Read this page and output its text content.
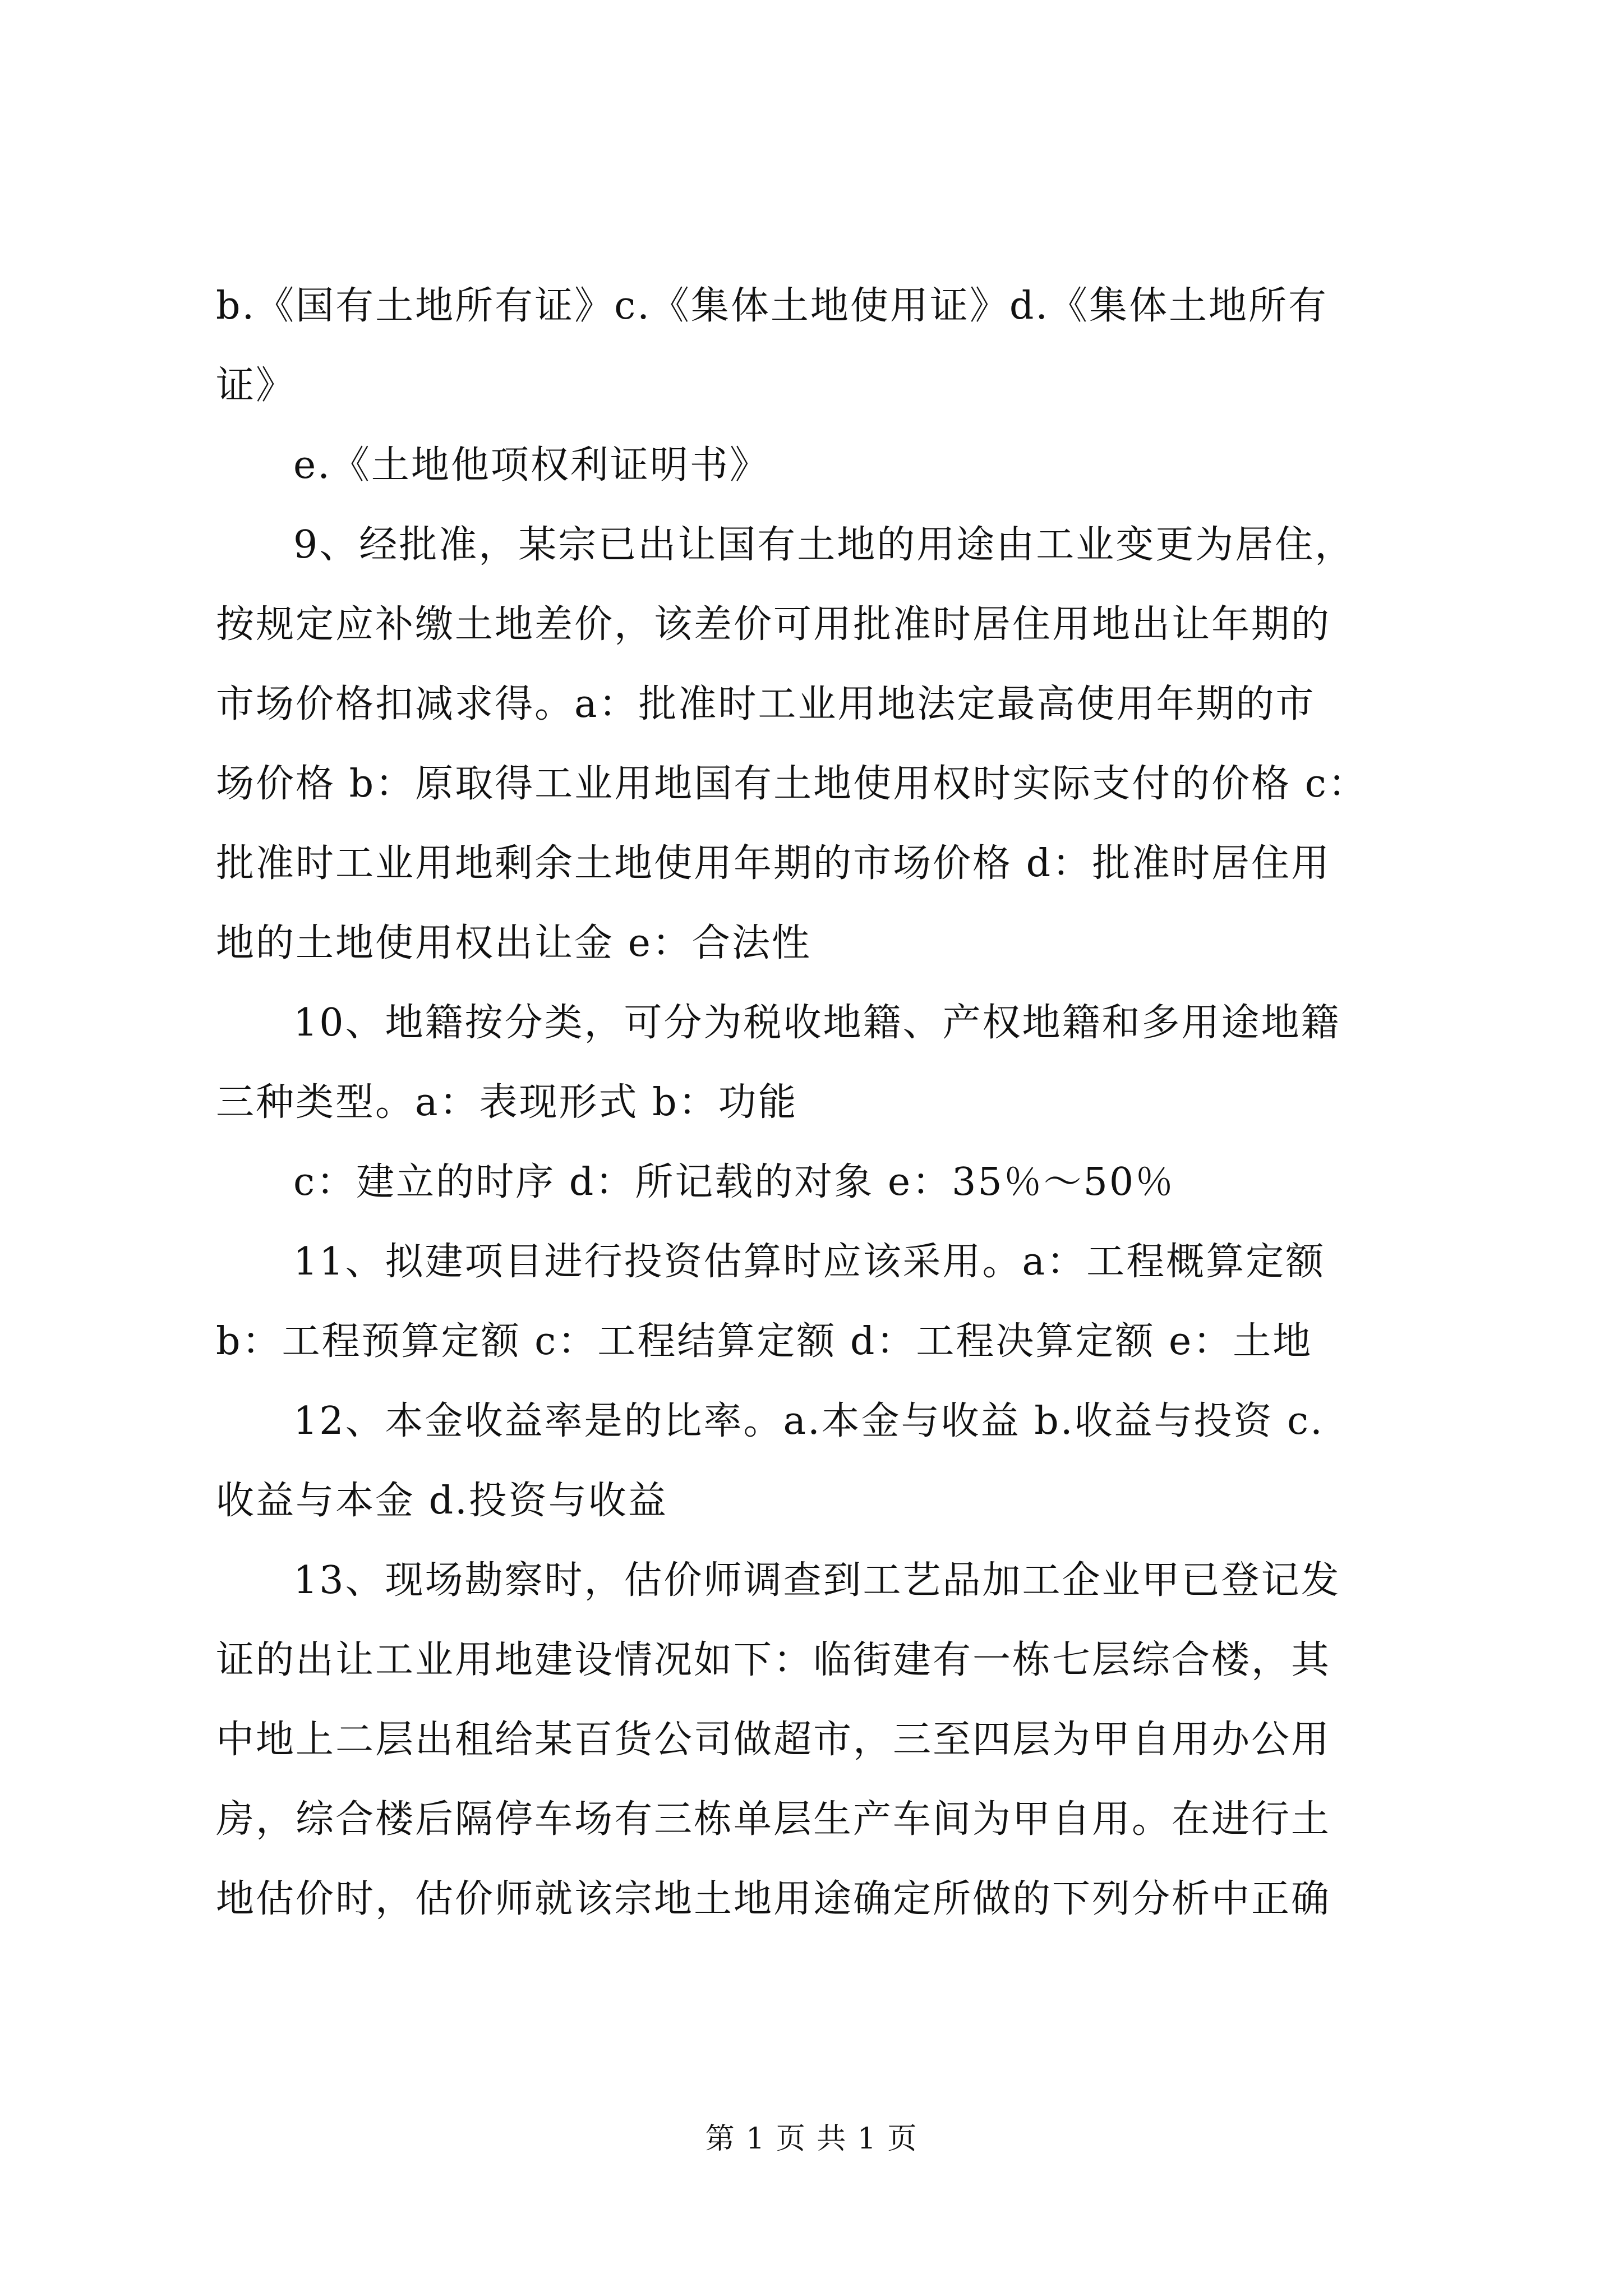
b.《国有土地所有证》c.《集体土地使用证》d.《集体土地所有
证》

e.《土地他项权利证明书》

9、经批准，某宗已出让国有土地的用途由工业变更为居住，
按规定应补缴土地差价，该差价可用批准时居住用地出让年期的
市场价格扣减求得。a：批准时工业用地法定最高使用年期的市
场价格 b：原取得工业用地国有土地使用权时实际支付的价格 c：
批准时工业用地剩余土地使用年期的市场价格 d：批准时居住用
地的土地使用权出让金 e：合法性

10、地籍按分类，可分为税收地籍、产权地籍和多用途地籍
三种类型。a：表现形式 b：功能

c：建立的时序 d：所记载的对象 e：35％～50％

11、拟建项目进行投资估算时应该采用。a：工程概算定额
b：工程预算定额 c：工程结算定额 d：工程决算定额 e：土地

12、本金收益率是的比率。a.本金与收益 b.收益与投资 c.
收益与本金 d.投资与收益

13、现场勘察时，估价师调查到工艺品加工企业甲已登记发
证的出让工业用地建设情况如下：临街建有一栋七层综合楼，其
中地上二层出租给某百货公司做超市，三至四层为甲自用办公用
房，综合楼后隔停车场有三栋单层生产车间为甲自用。在进行土
地估价时，估价师就该宗地土地用途确定所做的下列分析中正确

第 1 页 共 1 页
